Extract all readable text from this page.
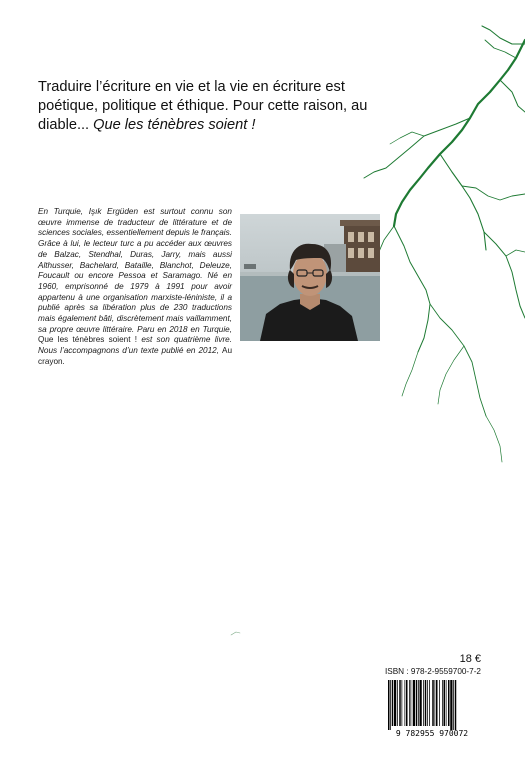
Traduire l’écriture en vie et la vie en écriture est poétique, politique et éthique. Pour cette raison, au diable... Que les ténèbres soient !

En Turquie, Işık Ergüden est surtout connu son œuvre immense de traducteur de littérature et de sciences sociales, essentiellement depuis le français. Grâce à lui, le lecteur turc a pu accéder aux œuvres de Balzac, Stendhal, Duras, Jarry, mais aussi Althusser, Bachelard, Bataille, Blanchot, Deleuze, Foucault ou encore Pessoa et Saramago. Né en 1960, emprisonné de 1979 à 1991 pour avoir appartenu à une organisation marxiste-léniniste, il a publié après sa libération plus de 230 traductions mais également bâti, discrètement mais vaillamment, sa propre œuvre littéraire. Paru en 2018 en Turquie, Que les ténèbres soient ! est son quatrième livre. Nous l’accompagnons d’un texte publié en 2012, Au crayon.

18 €
ISBN : 978-2-9559700-7-2
9 782955 970072
